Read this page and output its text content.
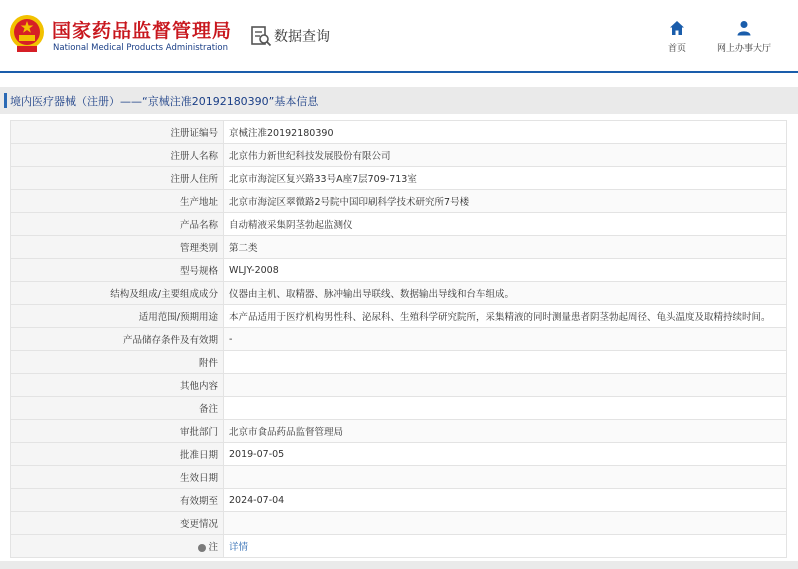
国家药品监督管理局
National Medical Products Administration
数据查询
首页	网上办事大厅
境内医疗器械（注册）——“京械注准20192180390”基本信息
注册证编号	京械注准20192180390
注册人名称	北京伟力新世纪科技发展股份有限公司
注册人住所	北京市海淀区复兴路33号A座7层709-713室
生产地址	北京市海淀区翠微路2号院中国印刷科学技术研究所7号楼
产品名称	自动精液采集阴茎勃起监测仪
管理类别	第二类
型号规格	WLJY-2008
结构及组成/主要组成成分	仪器由主机、取精器、脉冲输出导联线、数据输出导线和台车组成。
适用范围/预期用途	本产品适用于医疗机构男性科、泌尿科、生殖科学研究院所，采集精液的同时测量患者阴茎勃起周径、龟头温度及取精持续时间。
产品储存条件及有效期	-
附件	
其他内容	
备注	
审批部门	北京市食品药品监督管理局
批准日期	2019-07-05
生效日期	
有效期至	2024-07-04
变更情况	
注	详情
